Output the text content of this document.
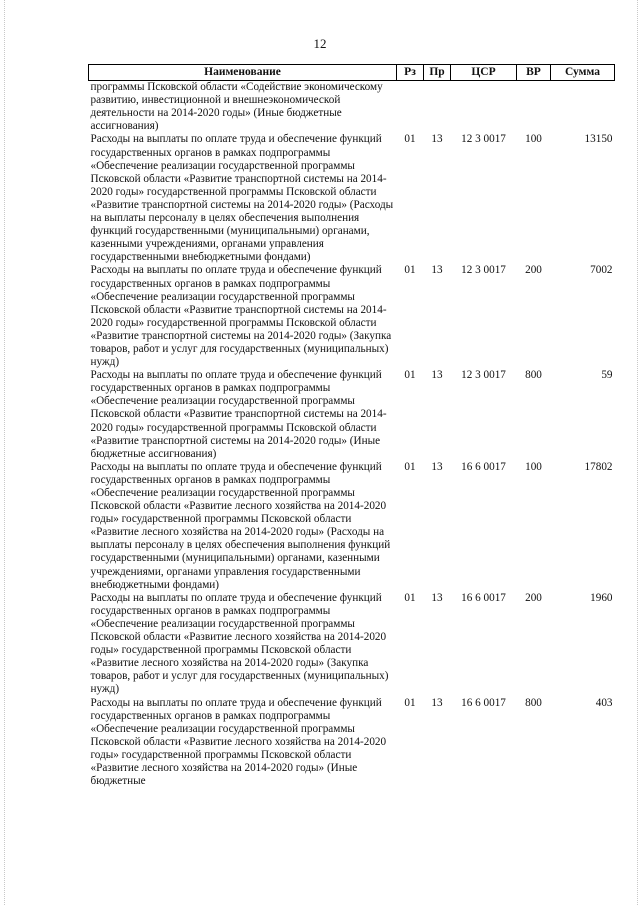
12
Наименование	Рз	Пр	ЦСР	ВР	Сумма
программы Псковской области «Содействие экономическому развитию, инвестиционной и внешнеэкономической деятельности на 2014-2020 годы» (Иные бюджетные ассигнования)					
Расходы на выплаты по оплате труда и обеспечение функций государственных органов в рамках подпрограммы «Обеспечение реализации государственной программы Псковской области «Развитие транспортной системы на 2014-2020 годы» государственной программы Псковской области «Развитие транспортной системы на 2014-2020 годы» (Расходы на выплаты персоналу в целях обеспечения выполнения функций государственными (муниципальными) органами, казенными учреждениями, органами управления государственными внебюджетными фондами)	01	13	12 3 0017	100	13150
Расходы на выплаты по оплате труда и обеспечение функций государственных органов в рамках подпрограммы «Обеспечение реализации государственной программы Псковской области «Развитие транспортной системы на 2014-2020 годы» государственной программы Псковской области «Развитие транспортной системы на 2014-2020 годы» (Закупка товаров, работ и услуг для государственных (муниципальных) нужд)	01	13	12 3 0017	200	7002
Расходы на выплаты по оплате труда и обеспечение функций государственных органов в рамках подпрограммы «Обеспечение реализации государственной программы Псковской области «Развитие транспортной системы на 2014-2020 годы» государственной программы Псковской области «Развитие транспортной системы на 2014-2020 годы» (Иные бюджетные ассигнования)	01	13	12 3 0017	800	59
Расходы на выплаты по оплате труда и обеспечение функций государственных органов в рамках подпрограммы «Обеспечение реализации государственной программы Псковской области «Развитие лесного хозяйства на 2014-2020 годы» государственной программы Псковской области «Развитие лесного хозяйства на 2014-2020 годы» (Расходы на выплаты персоналу в целях обеспечения выполнения функций государственными (муниципальными) органами, казенными учреждениями, органами управления государственными внебюджетными фондами)	01	13	16 6 0017	100	17802
Расходы на выплаты по оплате труда и обеспечение функций государственных органов в рамках подпрограммы «Обеспечение реализации государственной программы Псковской области «Развитие лесного хозяйства на 2014-2020 годы» государственной программы Псковской области «Развитие лесного хозяйства на 2014-2020 годы» (Закупка товаров, работ и услуг для государственных (муниципальных) нужд)	01	13	16 6 0017	200	1960
Расходы на выплаты по оплате труда и обеспечение функций государственных органов в рамках подпрограммы «Обеспечение реализации государственной программы Псковской области «Развитие лесного хозяйства на 2014-2020 годы» государственной программы Псковской области «Развитие лесного хозяйства на 2014-2020 годы» (Иные бюджетные	01	13	16 6 0017	800	403
